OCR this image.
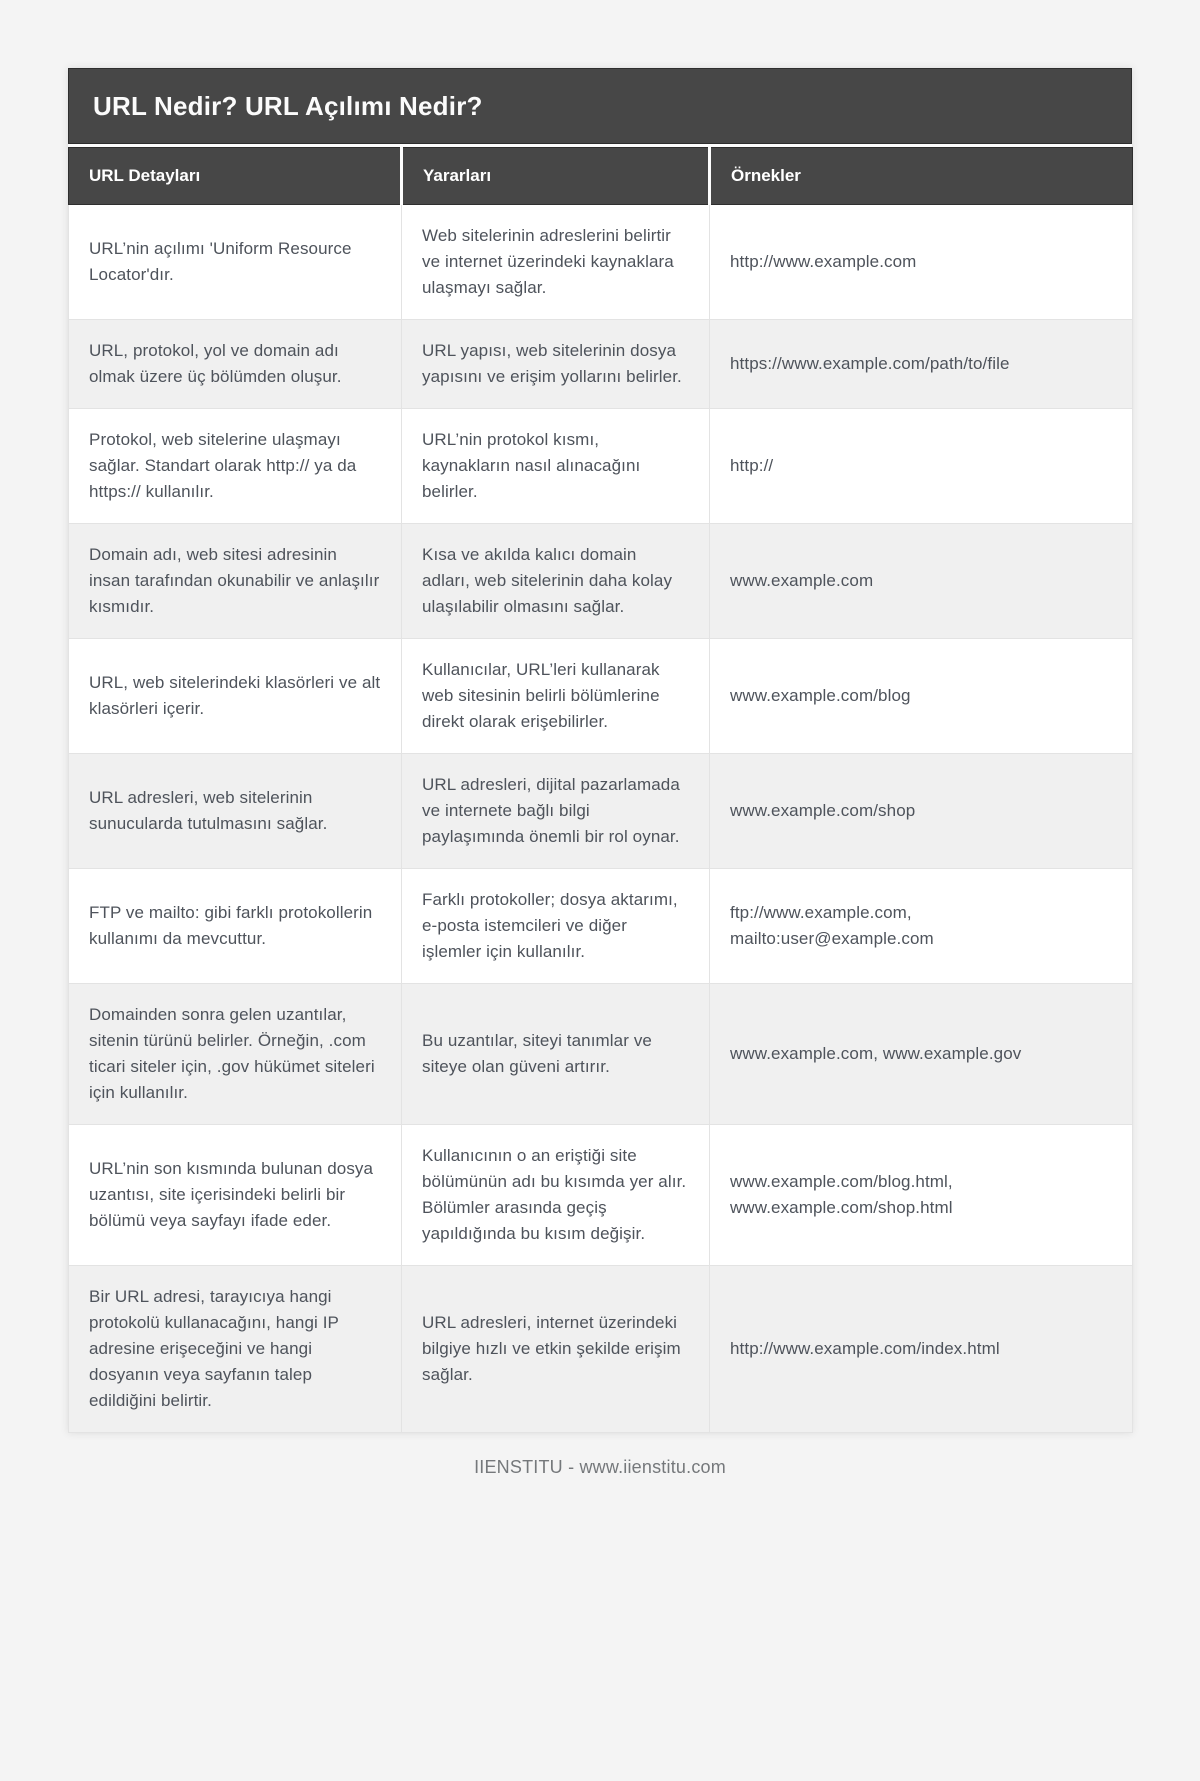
URL Nedir? URL Açılımı Nedir?
URL Detayları	Yararları	Örnekler
URL’nin açılımı 'Uniform Resource Locator'dır.	Web sitelerinin adreslerini belirtir ve internet üzerindeki kaynaklara ulaşmayı sağlar.	http://www.example.com
URL, protokol, yol ve domain adı olmak üzere üç bölümden oluşur.	URL yapısı, web sitelerinin dosya yapısını ve erişim yollarını belirler.	https://www.example.com/path/to/file
Protokol, web sitelerine ulaşmayı sağlar. Standart olarak http:// ya da https:// kullanılır.	URL’nin protokol kısmı, kaynakların nasıl alınacağını belirler.	http://
Domain adı, web sitesi adresinin insan tarafından okunabilir ve anlaşılır kısmıdır.	Kısa ve akılda kalıcı domain adları, web sitelerinin daha kolay ulaşılabilir olmasını sağlar.	www.example.com
URL, web sitelerindeki klasörleri ve alt klasörleri içerir.	Kullanıcılar, URL’leri kullanarak web sitesinin belirli bölümlerine direkt olarak erişebilirler.	www.example.com/blog
URL adresleri, web sitelerinin sunucularda tutulmasını sağlar.	URL adresleri, dijital pazarlamada ve internete bağlı bilgi paylaşımında önemli bir rol oynar.	www.example.com/shop
FTP ve mailto: gibi farklı protokollerin kullanımı da mevcuttur.	Farklı protokoller; dosya aktarımı, e-posta istemcileri ve diğer işlemler için kullanılır.	ftp://www.example.com, mailto:user@example.com
Domainden sonra gelen uzantılar, sitenin türünü belirler. Örneğin, .com ticari siteler için, .gov hükümet siteleri için kullanılır.	Bu uzantılar, siteyi tanımlar ve siteye olan güveni artırır.	www.example.com, www.example.gov
URL’nin son kısmında bulunan dosya uzantısı, site içerisindeki belirli bir bölümü veya sayfayı ifade eder.	Kullanıcının o an eriştiği site bölümünün adı bu kısımda yer alır. Bölümler arasında geçiş yapıldığında bu kısım değişir.	www.example.com/blog.html, www.example.com/shop.html
Bir URL adresi, tarayıcıya hangi protokolü kullanacağını, hangi IP adresine erişeceğini ve hangi dosyanın veya sayfanın talep edildiğini belirtir.	URL adresleri, internet üzerindeki bilgiye hızlı ve etkin şekilde erişim sağlar.	http://www.example.com/index.html
IIENSTITU - www.iienstitu.com
